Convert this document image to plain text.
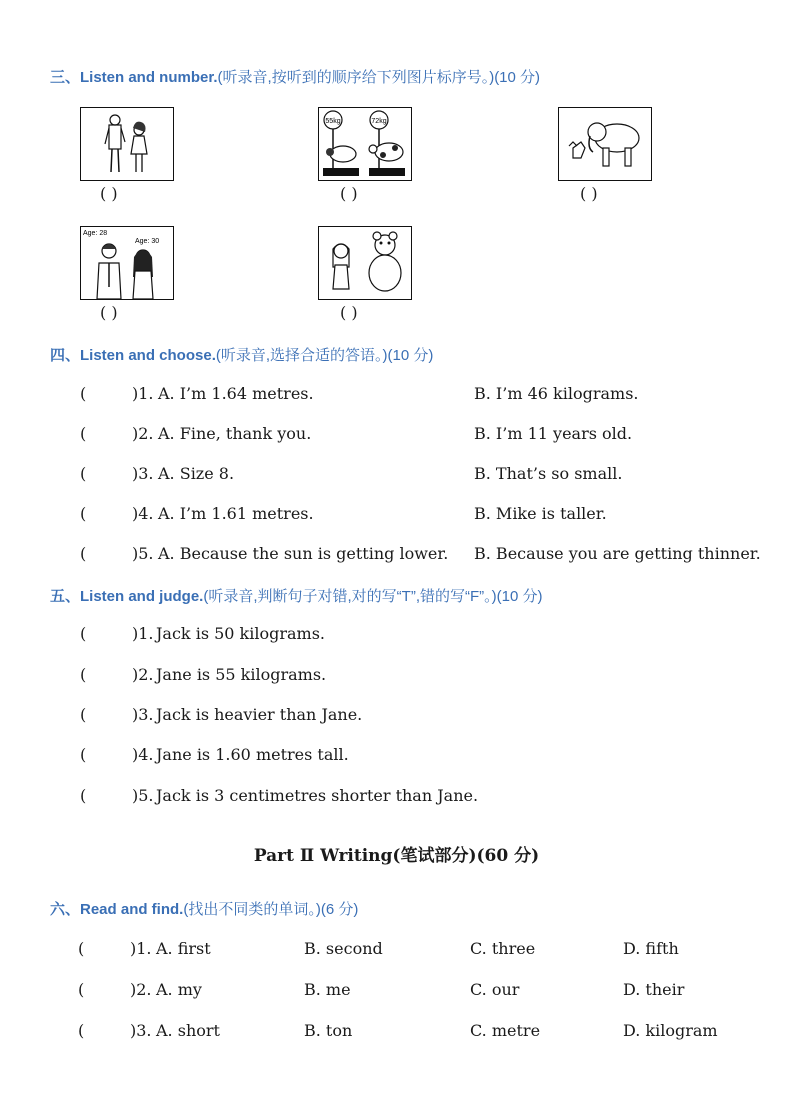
三、Listen and number.(听录音,按听到的顺序给下列图片标序号。)(10 分)
( )
55kg	72kg
( )	( )
Age: 28
Age: 30
( )	( )
四、Listen and choose.(听录音,选择合适的答语。)(10 分)
(	)1. A. I’m 1.64 metres.	B. I’m 46 kilograms.
(	)2. A. Fine, thank you.	B. I’m 11 years old.
(	)3. A. Size 8.	B. That’s so small.
(	)4. A. I’m 1.61 metres.	B. Mike is taller.
(	)5. A. Because the sun is getting lower. B. Because you are getting thinner.
五、Listen and judge.(听录音,判断句子对错,对的写“T”,错的写“F”。)(10 分)
(	)1. Jack is 50 kilograms.
(	)2. Jane is 55 kilograms.
(	)3. Jack is heavier than Jane.
(	)4. Jane is 1.60 metres tall.
(	)5. Jack is 3 centimetres shorter than Jane.
Part Ⅱ Writing(笔试部分)(60 分)
六、Read and find.(找出不同类的单词。)(6 分)
(	)1. A. first	B. second	C. three	D. fifth
(	)2. A. my	B. me	C. our	D. their
(	)3. A. short	B. ton	C. metre	D. kilogram
